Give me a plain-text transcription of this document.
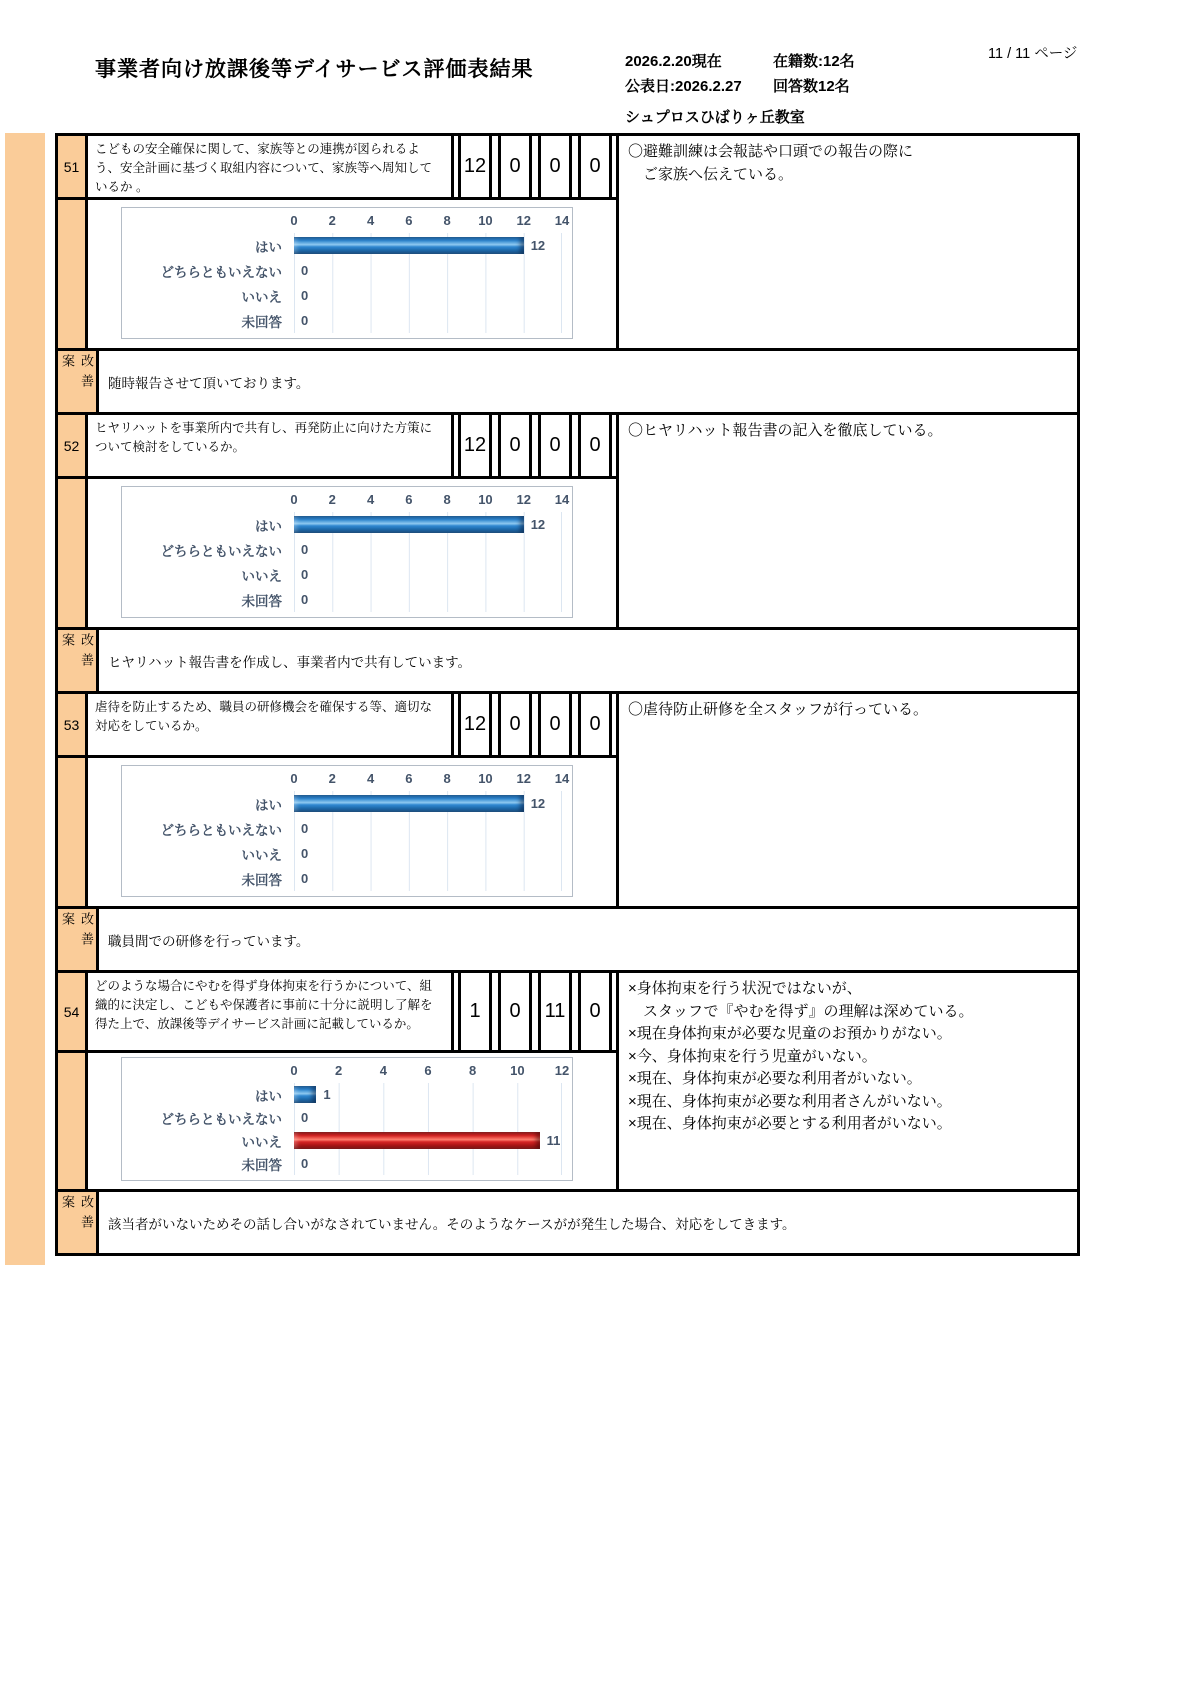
事業者向け放課後等デイサービス評価表結果
11 / 11 ページ
2026.2.20現在	在籍数:12名
公表日:2026.2.27	回答数12名
シュプロスひばりヶ丘教室
51
こどもの安全確保に関して、家族等との連携が図られるよう、安全計画に基づく取組内容について、家族等へ周知しているか 。
12	0	0	0
0 2 4 6 8 10 12 14
はい
どちらともいえない
いいえ
未回答
12
0
0
0
〇避難訓練は会報誌や口頭での報告の際に
　ご家族へ伝えている。
改善案
随時報告させて頂いております。
52
ヒヤリハットを事業所内で共有し、再発防止に向けた方策について検討をしているか。	12	0	0	0
0 2 4 6 8 10 12 14
はい
どちらともいえない
いいえ
未回答
12
0
0
0
〇ヒヤリハット報告書の記入を徹底している。
改善案
ヒヤリハット報告書を作成し、事業者内で共有しています。
53
虐待を防止するため、職員の研修機会を確保する等、適切な対応をしているか。	12	0	0	0
0 2 4 6 8 10 12 14
はい
どちらともいえない
いいえ
未回答
12
0
0
0
〇虐待防止研修を全スタッフが行っている。
改善案
職員間での研修を行っています。
54
どのような場合にやむを得ず身体拘束を行うかについて、組織的に決定し、こどもや保護者に事前に十分に説明し了解を得た上で、放課後等デイサービス計画に記載しているか。
1	0	11	0
0	2	4	6	8	10 12
はい
どちらともいえない
いいえ
未回答
1
0
11
0
×身体拘束を行う状況ではないが、
　スタッフで『やむを得ず』の理解は深めている。
×現在身体拘束が必要な児童のお預かりがない。
×今、身体拘束を行う児童がいない。
×現在、身体拘束が必要な利用者がいない。
×現在、身体拘束が必要な利用者さんがいない。
×現在、身体拘束が必要とする利用者がいない。
改善案
該当者がいないためその話し合いがなされていません。そのようなケースがが発生した場合、対応をしてきます。
